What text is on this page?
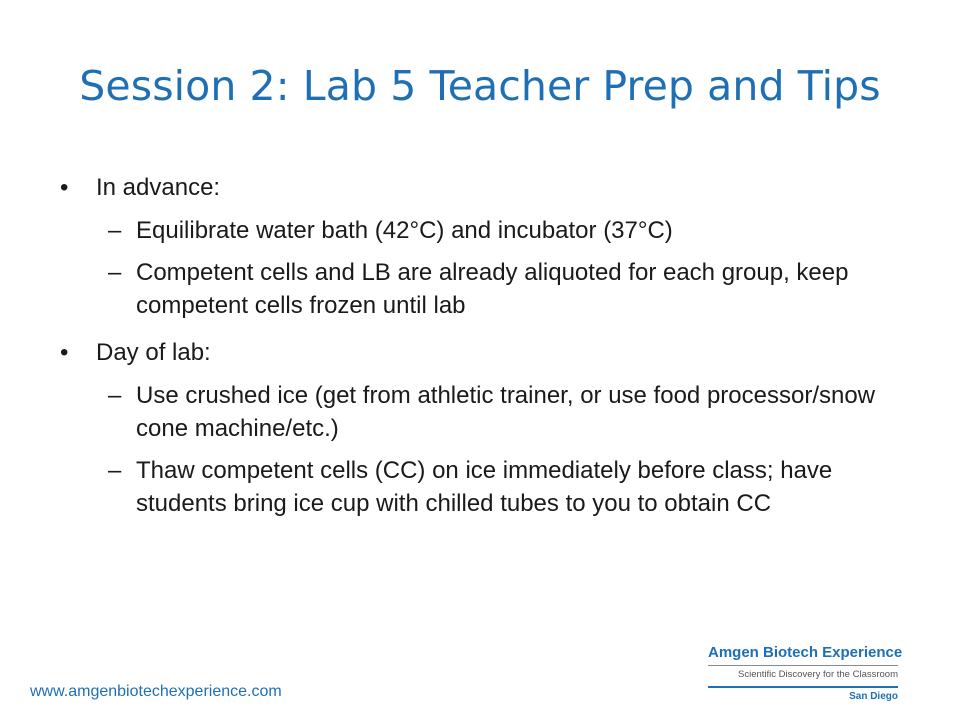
Session 2: Lab 5 Teacher Prep and Tips
•	In advance:
– Equilibrate water bath (42°C) and incubator (37°C)
– Competent cells and LB are already aliquoted for each group, keep competent cells frozen until lab
•	Day of lab:
– Use crushed ice (get from athletic trainer, or use food processor/snow cone machine/etc.)
– Thaw competent cells (CC) on ice immediately before class; have students bring ice cup with chilled tubes to you to obtain CC
www.amgenbiotechexperience.com
Amgen Biotech Experience
Scientific Discovery for the Classroom
San Diego
